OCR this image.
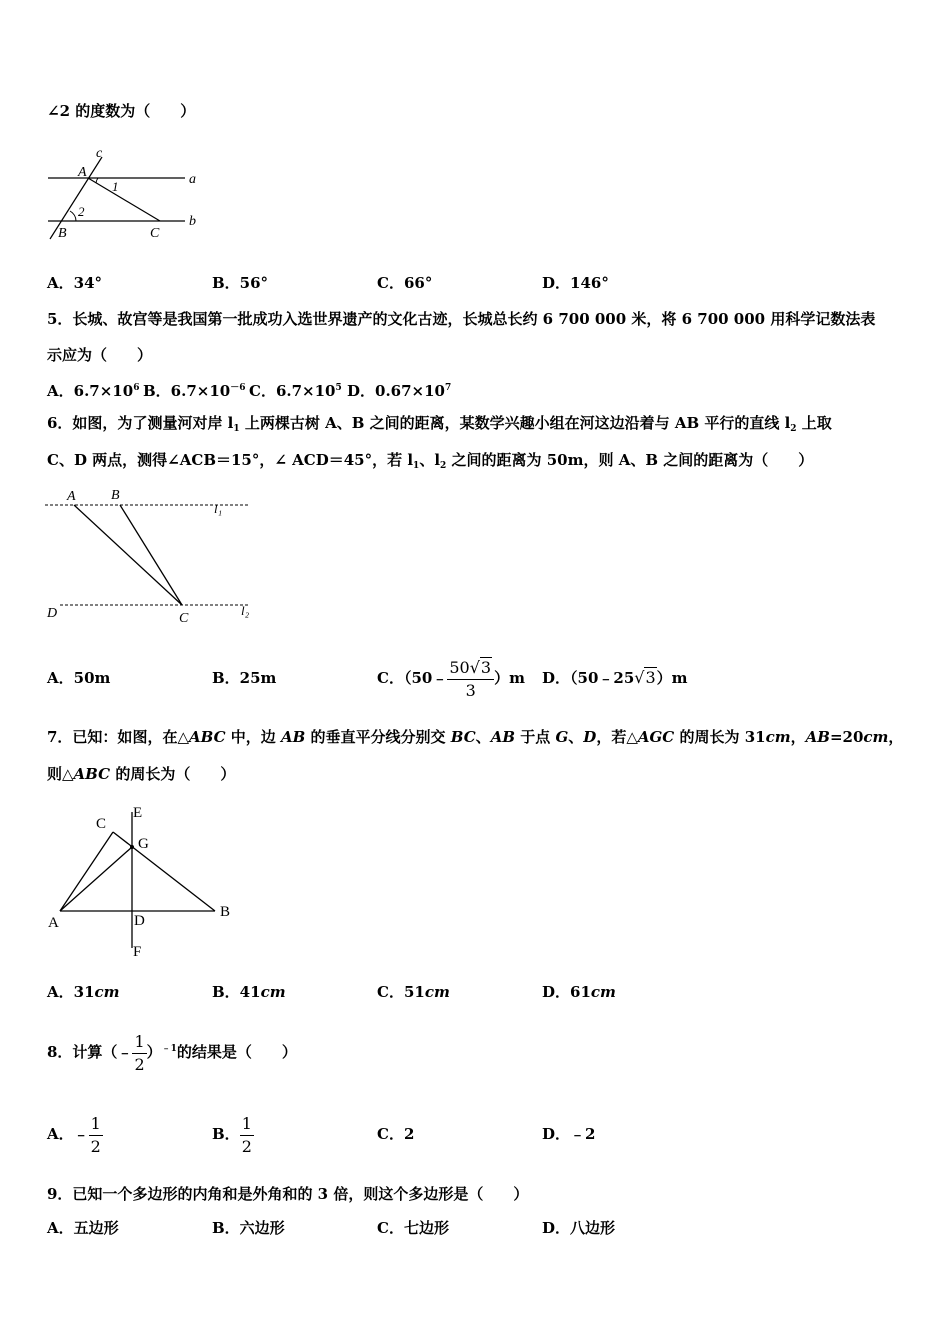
∠2 的度数为（　　）
c
A
1	a
2
B	C
b
A．34°	B．56°	C．66°	D．146°
5．长城、故宫等是我国第一批成功入选世界遗产的文化古迹，长城总长约 6 700 000 米，将 6 700 000 用科学记数法表
示应为（　　）
A．$6.7\times 10^6$ B．$6.7\times 10^{-6}$ C．$6.7\times 10^5$ D．$0.67\times 10^7$
6．如图，为了测量河对岸 $l_1$ 上两棵古树 A、B 之间的距离，某数学兴趣小组在河这边沿着与 AB 平行的直线 $l_2$ 上取
C、D 两点，测得∠ACB＝15°，∠ ACD＝45°，若 $l_1$、$l_2$ 之间的距离为 50m，则 A、B 之间的距离为（　　）
A	B
l₁
D	C
l₂
A．50m	B．25m	C．（50﹣ $\frac{50√3}{3} )m$ D．（50﹣25√3）m
7．已知：如图，在△ABC 中，边 AB 的垂直平分线分别交 BC、AB 于点 G、D，若△AGC 的周长为 31cm，AB=20cm，
则△ABC 的周长为（　　）
C
E
G
A	D
B
F
A．31cm	B．41cm	C．51cm	D．61cm
8．计算（﹣ $\frac{1}{2} )^{﹣1}$的结果是（　　）
A．﹣ $\frac{1}{2}$	B． $\frac{1}{2}$	C．2	D．﹣2
9．已知一个多边形的内角和是外角和的 3 倍，则这个多边形是（　　）
A．五边形	B．六边形	C．七边形	D．八边形
